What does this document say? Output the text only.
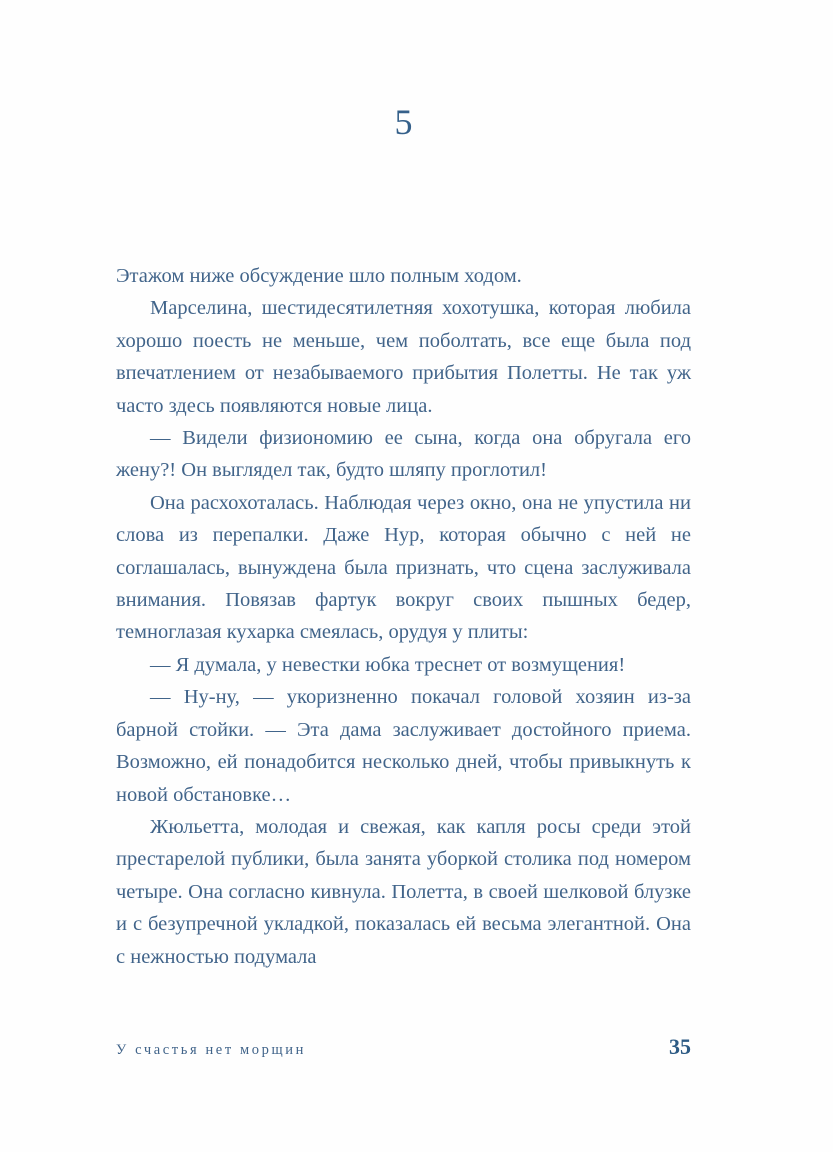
5

Этажом ниже обсуждение шло полным ходом.

Марселина, шестидесятилетняя хохотушка, которая любила хорошо поесть не меньше, чем поболтать, все еще была под впечатлением от незабываемого прибытия Полетты. Не так уж часто здесь появляются новые лица.

— Видели физиономию ее сына, когда она обругала его жену?! Он выглядел так, будто шляпу проглотил!

Она расхохоталась. Наблюдая через окно, она не упустила ни слова из перепалки. Даже Нур, которая обычно с ней не соглашалась, вынуждена была признать, что сцена заслуживала внимания. Повязав фартук вокруг своих пышных бедер, темноглазая кухарка смеялась, орудуя у плиты:

— Я думала, у невестки юбка треснет от возмущения!

— Ну-ну, — укоризненно покачал головой хозяин из-за барной стойки. — Эта дама заслуживает достойного приема. Возможно, ей понадобится несколько дней, чтобы привыкнуть к новой обстановке…

Жюльетта, молодая и свежая, как капля росы среди этой престарелой публики, была занята уборкой столика под номером четыре. Она согласно кивнула. Полетта, в своей шелковой блузке и с безупречной укладкой, показалась ей весьма элегантной. Она с нежностью подумала

У счастья нет морщин	35
